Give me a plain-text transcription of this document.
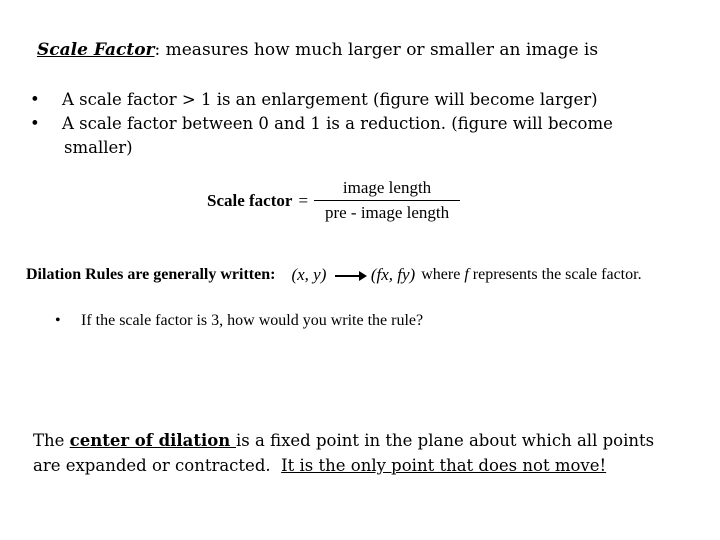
Scale Factor: measures how much larger or smaller an image is
• A scale factor > 1 is an enlargement (figure will become larger)
• A scale factor between 0 and 1 is a reduction. (figure will become
smaller)
Scale factor = $\frac{\text{image length}}{\text{pre - image length}}$
Dilation Rules are generally written: (x, y)	(fx, fy) where f represents the scale factor.
• If the scale factor is 3, how would you write the rule?
The center of dilation is a fixed point in the plane about which all points
are expanded or contracted.  It is the only point that does not move!
